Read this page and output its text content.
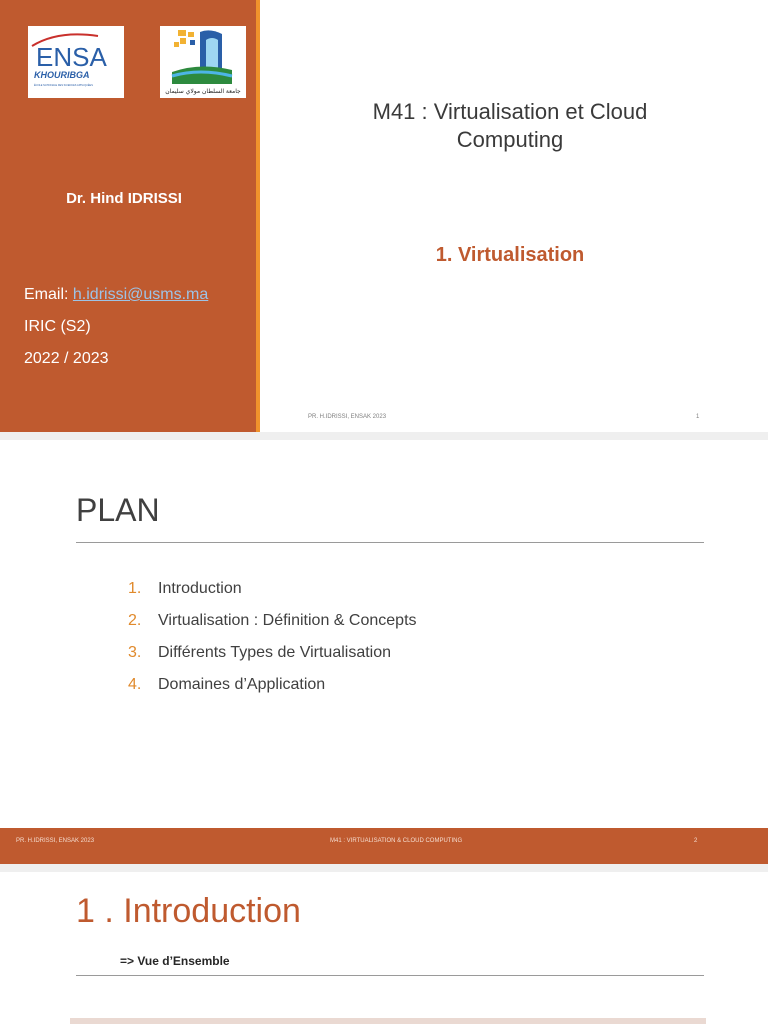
ENSA
KHOURIBGA
ÉCOLE NATIONALE DES SCIENCES APPLIQUÉES
جامعة السلطان مولاي سليمان
Dr. Hind IDRISSI
Email: h.idrissi@usms.ma
IRIC (S2)
2022 / 2023
M41 : Virtualisation et Cloud
Computing
1. Virtualisation
PR. H.IDRISSI, ENSAK 2023	1
PLAN
1. Introduction
2. Virtualisation : Définition & Concepts
3. Différents Types de Virtualisation
4. Domaines d’Application
PR. H.IDRISSI, ENSAK 2023	M41 : VIRTUALISATION & CLOUD COMPUTING	2
1 . Introduction
=> Vue d’Ensemble
